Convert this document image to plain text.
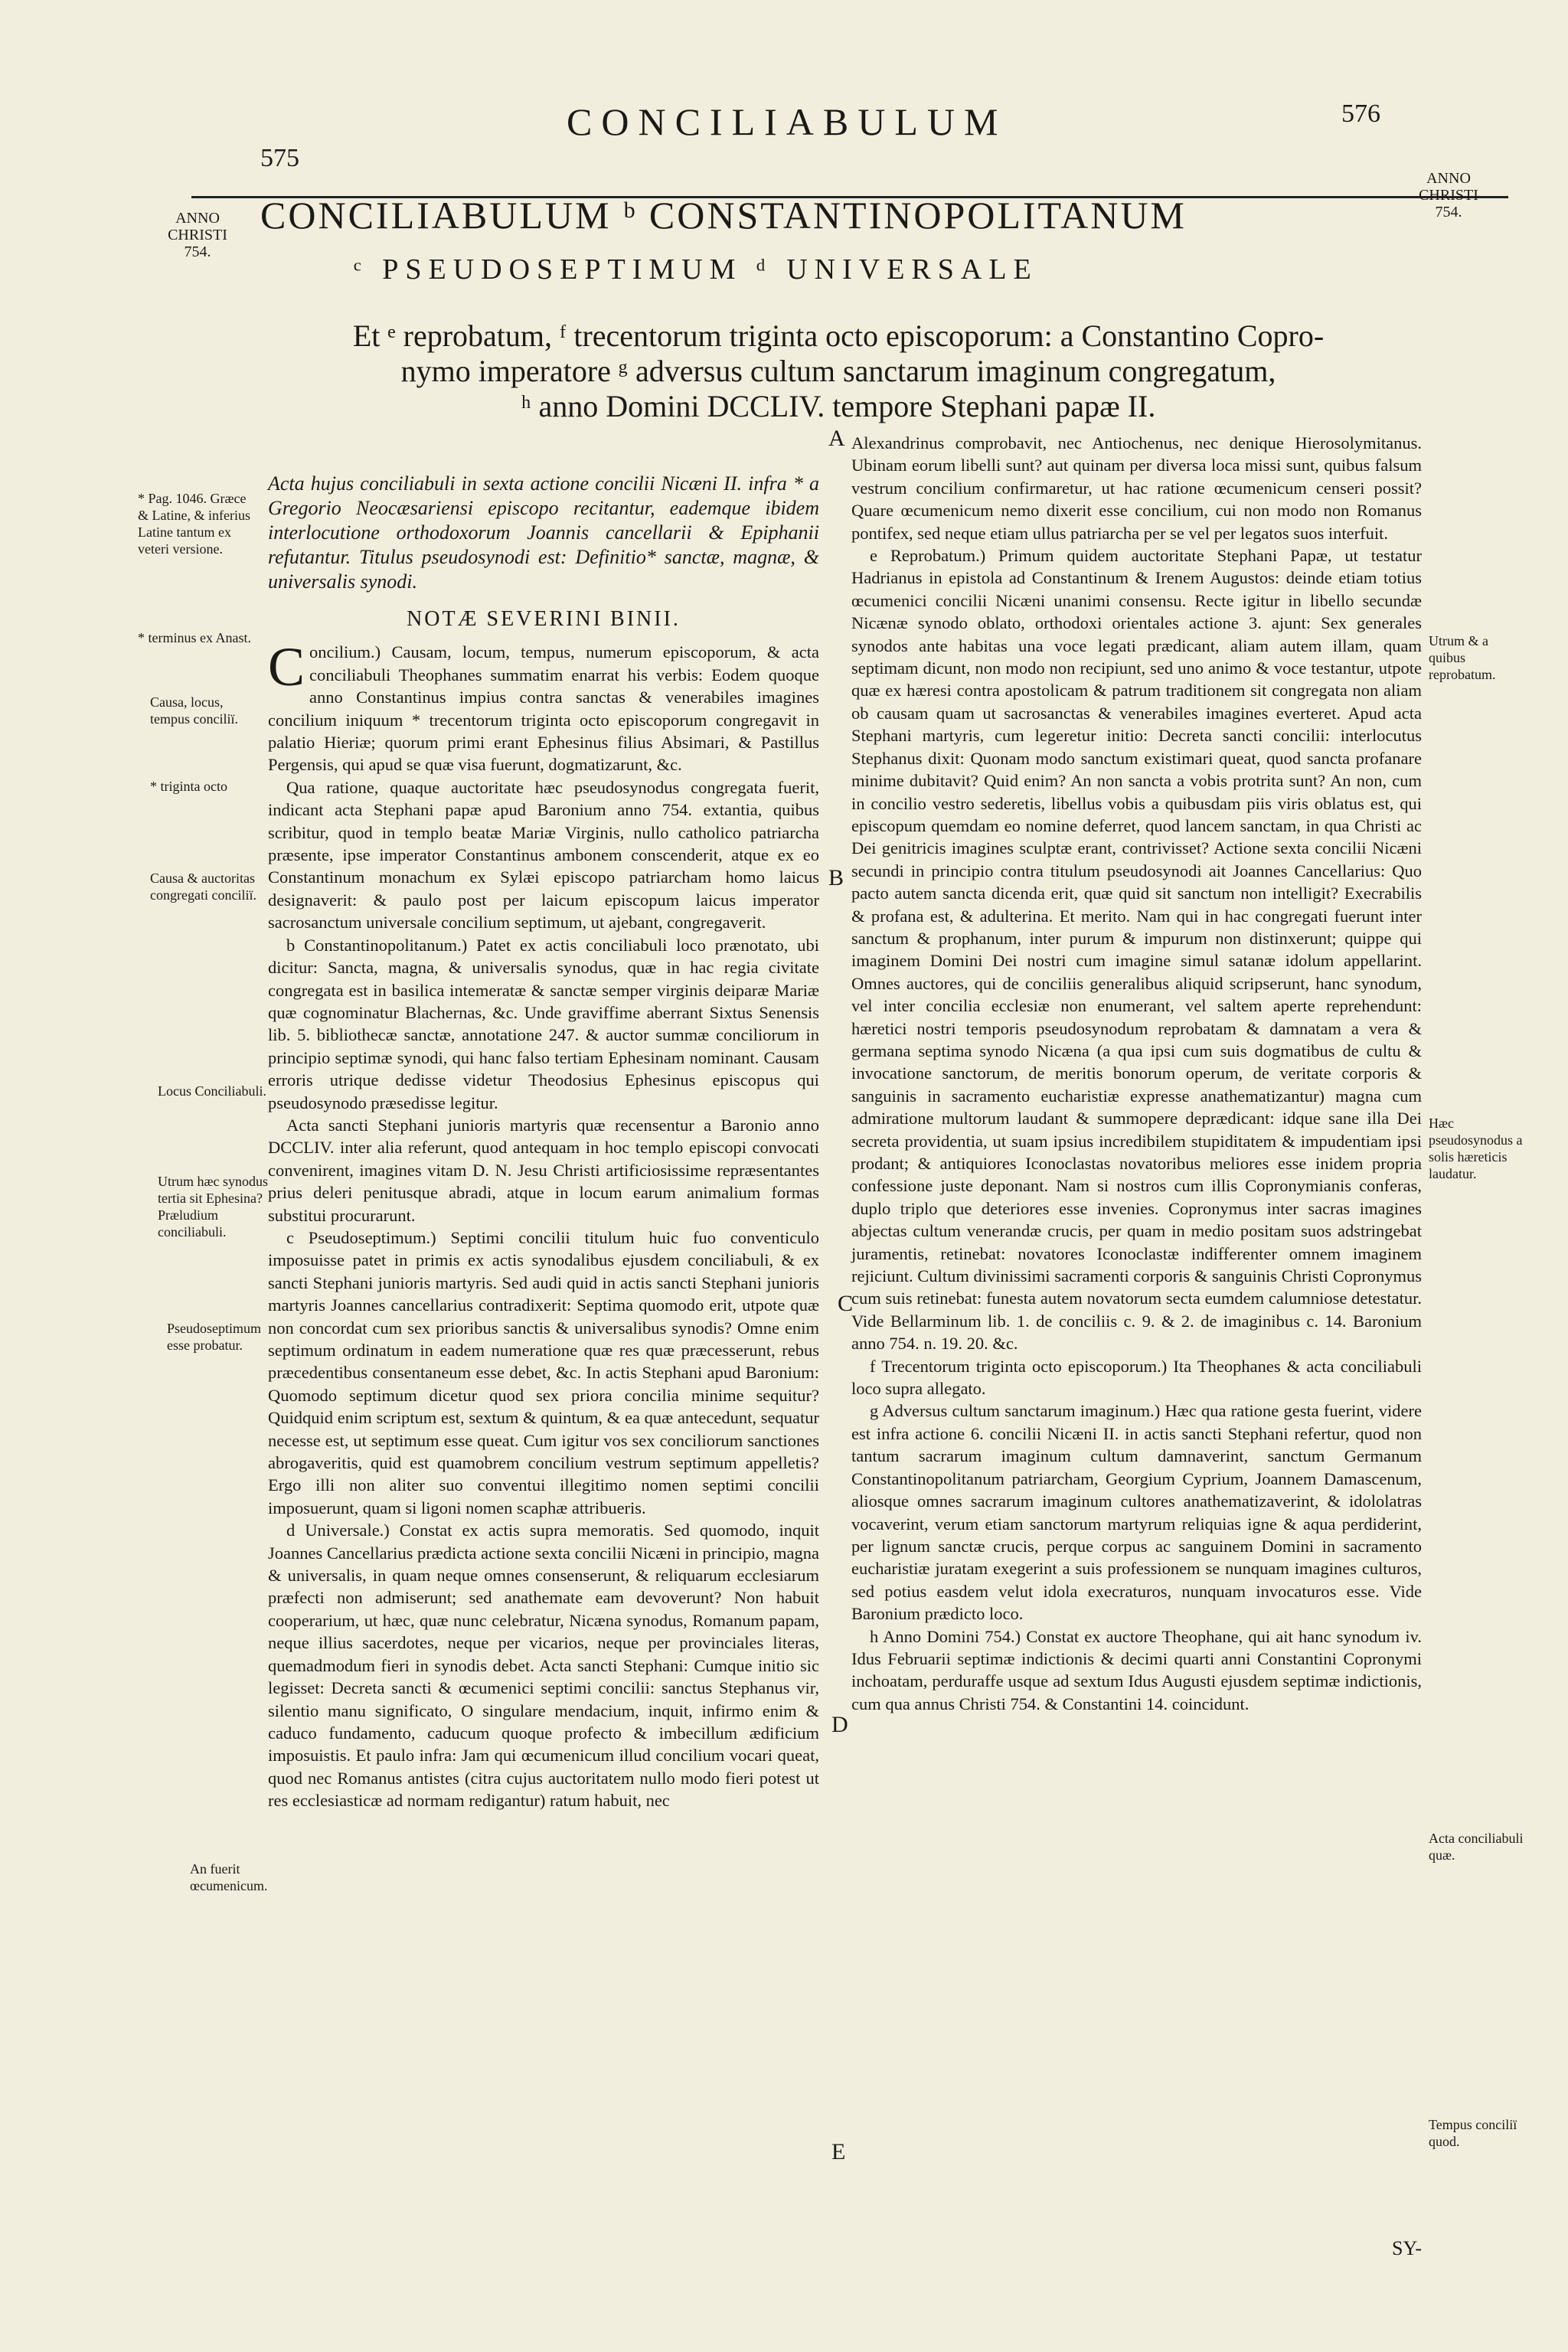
575
CONCILIABULUM	576
ANNO
CHRISTI
754.
ANNO
CHRISTI
754.
CONCILIABULUM ᵇ CONSTANTINOPOLITANUM
ᶜ PSEUDOSEPTIMUM ᵈ UNIVERSALE
Et ᵉ reprobatum, ᶠ trecentorum triginta octo episcoporum: a Constantino Copro-
nymo imperatore ᵍ adversus cultum sanctarum imaginum congregatum,
ʰ anno Domini DCCLIV. tempore Stephani papæ II.

Acta hujus conciliabuli in sexta actione concilii Nicæni II. infra * a Gregorio Neocæsariensi episcopo recitantur, eademque ibidem interlocutione orthodoxorum Joannis cancellarii & Epiphanii refutantur. Titulus pseudosynodi est: Definitio* sanctæ, magnæ, & universalis synodi.

NOTÆ SEVERINI BINII.

Concilium.) Causam, locum, tempus, numerum episcoporum, & acta conciliabuli Theophanes summatim enarrat his verbis: Eodem quoque anno Constantinus impius contra sanctas & venerabiles imagines concilium iniquum * trecentorum triginta octo episcoporum congregavit in palatio Hieriæ; quorum primi erant Ephesinus filius Absimari, & Pastillus Pergensis, qui apud se quæ visa fuerunt, dogmatizarunt, &c.

Qua ratione, quaque auctoritate hæc pseudosynodus congregata fuerit, indicant acta Stephani papæ apud Baronium anno 754. extantia, quibus scribitur, quod in templo beatæ Mariæ Virginis, nullo catholico patriarcha præsente, ipse imperator Constantinus ambonem conscenderit, atque ex eo Constantinum monachum ex Sylæi episcopo patriarcham homo laicus designaverit: & paulo post per laicum episcopum laicus imperator sacrosanctum universale concilium septimum, ut ajebant, congregaverit.

b Constantinopolitanum.) Patet ex actis conciliabuli loco prænotato, ubi dicitur: Sancta, magna, & universalis synodus, quæ in hac regia civitate congregata est in basilica intemeratæ & sanctæ semper virginis deiparæ Mariæ quæ cognominatur Blachernas, &c. Unde graviffime aberrant Sixtus Senensis lib. 5. bibliothecæ sanctæ, annotatione 247. & auctor summæ conciliorum in principio septimæ synodi, qui hanc falso tertiam Ephesinam nominant. Causam erroris utrique dedisse videtur Theodosius Ephesinus episcopus qui pseudosynodo præsedisse legitur.

Acta sancti Stephani junioris martyris quæ recensentur a Baronio anno DCCLIV. inter alia referunt, quod antequam in hoc templo episcopi convocati convenirent, imagines vitam D. N. Jesu Christi artificiosissime repræsentantes prius deleri penitusque abradi, atque in locum earum animalium formas substitui procurarunt.

c Pseudoseptimum.) Septimi concilii titulum huic fuo conventiculo imposuisse patet in primis ex actis synodalibus ejusdem conciliabuli, & ex sancti Stephani junioris martyris. Sed audi quid in actis sancti Stephani junioris martyris Joannes cancellarius contradixerit: Septima quomodo erit, utpote quæ non concordat cum sex prioribus sanctis & universalibus synodis? Omne enim septimum ordinatum in eadem numeratione quæ res quæ præcesserunt, rebus præcedentibus consentaneum esse debet, &c. In actis Stephani apud Baronium: Quomodo septimum dicetur quod sex priora concilia minime sequitur? Quidquid enim scriptum est, sextum & quintum, & ea quæ antecedunt, sequatur necesse est, ut septimum esse queat. Cum igitur vos sex conciliorum sanctiones abrogaveritis, quid est quamobrem concilium vestrum septimum appelletis? Ergo illi non aliter suo conventui illegitimo nomen septimi concilii imposuerunt, quam si ligoni nomen scaphæ attribueris.

d Universale.) Constat ex actis supra memoratis. Sed quomodo, inquit Joannes Cancellarius prædicta actione sexta concilii Nicæni in principio, magna & universalis, in quam neque omnes consenserunt, & reliquarum ecclesiarum præfecti non admiserunt; sed anathemate eam devoverunt? Non habuit cooperarium, ut hæc, quæ nunc celebratur, Nicæna synodus, Romanum papam, neque illius sacerdotes, neque per vicarios, neque per provinciales literas, quemadmodum fieri in synodis debet. Acta sancti Stephani: Cumque initio sic legisset: Decreta sancti & œcumenici septimi concilii: sanctus Stephanus vir, silentio manu significato, O singulare mendacium, inquit, infirmo enim & caduco fundamento, caducum quoque profecto & imbecillum ædificium imposuistis. Et paulo infra: Jam qui œcumenicum illud concilium vocari queat, quod nec Romanus antistes (citra cujus auctoritatem nullo modo fieri potest ut res ecclesiasticæ ad normam redigantur) ratum habuit, nec

Alexandrinus comprobavit, nec Antiochenus, nec denique Hierosolymitanus. Ubinam eorum libelli sunt? aut quinam per diversa loca missi sunt, quibus falsum vestrum concilium confirmaretur, ut hac ratione œcumenicum censeri possit? Quare œcumenicum nemo dixerit esse concilium, cui non modo non Romanus pontifex, sed neque etiam ullus patriarcha per se vel per legatos suos interfuit.

e Reprobatum.) Primum quidem auctoritate Stephani Papæ, ut testatur Hadrianus in epistola ad Constantinum & Irenem Augustos: deinde etiam totius œcumenici concilii Nicæni unanimi consensu. Recte igitur in libello secundæ Nicænæ synodo oblato, orthodoxi orientales actione 3. ajunt: Sex generales synodos ante habitas una voce legati prædicant, aliam autem illam, quam septimam dicunt, non modo non recipiunt, sed uno animo & voce testantur, utpote quæ ex hæresi contra apostolicam & patrum traditionem sit congregata non aliam ob causam quam ut sacrosanctas & venerabiles imagines everteret. Apud acta Stephani martyris, cum legeretur initio: Decreta sancti concilii: interlocutus Stephanus dixit: Quonam modo sanctum existimari queat, quod sancta profanare minime dubitavit? Quid enim? An non sancta a vobis protrita sunt? An non, cum in concilio vestro sederetis, libellus vobis a quibusdam piis viris oblatus est, qui episcopum quemdam eo nomine deferret, quod lancem sanctam, in qua Christi ac Dei genitricis imagines sculptæ erant, contrivisset? Actione sexta concilii Nicæni secundi in principio contra titulum pseudosynodi ait Joannes Cancellarius: Quo pacto autem sancta dicenda erit, quæ quid sit sanctum non intelligit? Execrabilis & profana est, & adulterina. Et merito. Nam qui in hac congregati fuerunt inter sanctum & prophanum, inter purum & impurum non distinxerunt; quippe qui imaginem Domini Dei nostri cum imagine simul satanæ idolum appellarint. Omnes auctores, qui de conciliis generalibus aliquid scripserunt, hanc synodum, vel inter concilia ecclesiæ non enumerant, vel saltem aperte reprehendunt: hæretici nostri temporis pseudosynodum reprobatam & damnatam a vera & germana septima synodo Nicæna (a qua ipsi cum suis dogmatibus de cultu & invocatione sanctorum, de meritis bonorum operum, de veritate corporis & sanguinis in sacramento eucharistiæ expresse anathematizantur) magna cum admiratione multorum laudant & summopere deprædicant: idque sane illa Dei secreta providentia, ut suam ipsius incredibilem stupiditatem & impudentiam ipsi prodant; & antiquiores Iconoclastas novatoribus meliores esse inidem propria confessione juste deponant. Nam si nostros cum illis Copronymianis conferas, duplo triplo que deteriores esse invenies. Copronymus inter sacras imagines abjectas cultum venerandæ crucis, per quam in medio positam suos adstringebat juramentis, retinebat: novatores Iconoclastæ indifferenter omnem imaginem rejiciunt. Cultum divinissimi sacramenti corporis & sanguinis Christi Copronymus cum suis retinebat: funesta autem novatorum secta eumdem calumniose detestatur. Vide Bellarminum lib. 1. de conciliis c. 9. & 2. de imaginibus c. 14. Baronium anno 754. n. 19. 20. &c.

f Trecentorum triginta octo episcoporum.) Ita Theophanes & acta conciliabuli loco supra allegato.

g Adversus cultum sanctarum imaginum.) Hæc qua ratione gesta fuerint, videre est infra actione 6. concilii Nicæni II. in actis sancti Stephani refertur, quod non tantum sacrarum imaginum cultum damnaverint, sanctum Germanum Constantinopolitanum patriarcham, Georgium Cyprium, Joannem Damascenum, aliosque omnes sacrarum imaginum cultores anathematizaverint, & idololatras vocaverint, verum etiam sanctorum martyrum reliquias igne & aqua perdiderint, per lignum sanctæ crucis, perque corpus ac sanguinem Domini in sacramento eucharistiæ juratam exegerint a suis professionem se nunquam imagines culturos, sed potius easdem velut idola execraturos, nunquam invocaturos esse. Vide Baronium prædicto loco.

h Anno Domini 754.) Constat ex auctore Theophane, qui ait hanc synodum iv. Idus Februarii septimæ indictionis & decimi quarti anni Constantini Copronymi inchoatam, perduraffe usque ad sextum Idus Augusti ejusdem septimæ indictionis, cum qua annus Christi 754. & Constantini 14. coincidunt.

* Pag. 1046. Græce & Latine, & inferius Latine tantum ex veteri versione.
* terminus ex Anast.
Causa, locus, tempus conciliï.
* triginta octo
Causa & auctoritas congregati conciliï.
Locus Conciliabuli.
Utrum hæc synodus tertia sit Ephesina? Præludium conciliabuli.
Pseudoseptimum esse probatur.
An fuerit œcumenicum.
Utrum & a quibus reprobatum.
Hæc pseudosynodus a solis hæreticis laudatur.
Acta conciliabuli quæ.
Tempus conciliï quod.
A
B
C
D
E
SY-
